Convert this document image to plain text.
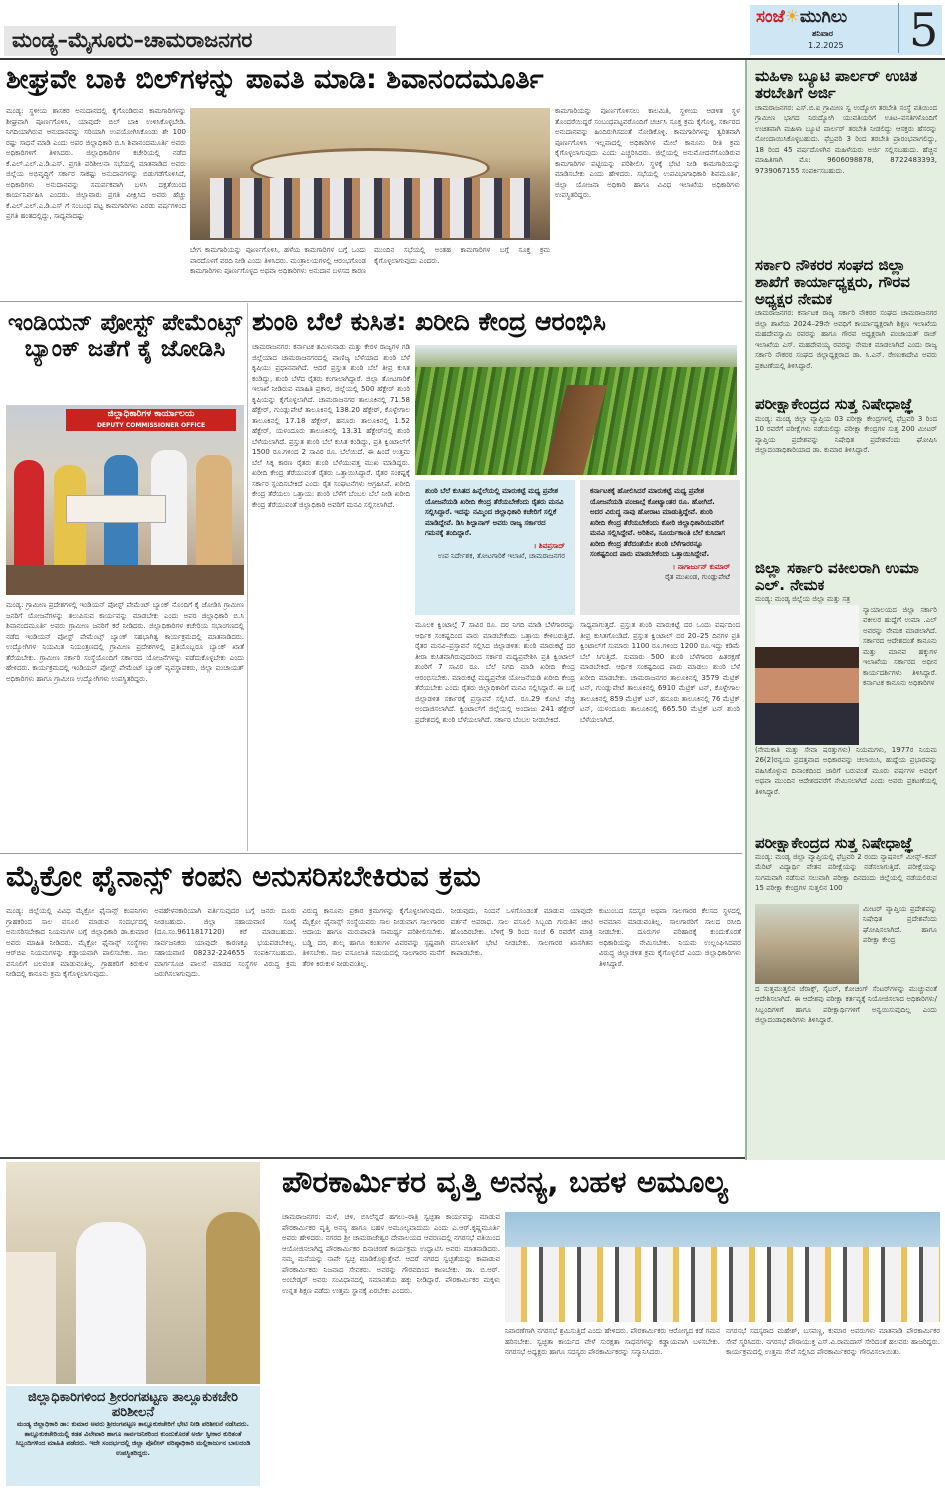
ಮಂಡ್ಯ–ಮೈಸೂರು–ಚಾಮರಾಜನಗರ
ಸಂಜೆ☀ಮುಗಿಲು
ಶನಿವಾರ
1.2.2025 5
ಶೀಘ್ರವೇ ಬಾಕಿ ಬಿಲ್‌ಗಳನ್ನು ಪಾವತಿ ಮಾಡಿ: ಶಿವಾನಂದಮೂರ್ತಿ
ಮಂಡ್ಯ: ಸ್ಥಳೀಯ ಶಾಸಕರ ಅನುದಾನದಲ್ಲಿ ಕೈಗೊಂಡಿರುವ ಕಾಮಗಾರಿಗಳನ್ನು ಶೀಘ್ರವಾಗಿ ಪೂರ್ಣಗೊಳಿಸಿ, ಯಾವುದೇ ಬಿಲ್ ಬಾಕಿ ಉಳಿಸಿಕೊಳ್ಳಬೇಡಿ. ನಿಗದಿಯಾಗಿರುವ ಅನುದಾನವನ್ನು ಸರಿಯಾಗಿ ಉಪಯೋಗಿಸಿಕೊಂಡು ಶೇ 100 ರಷ್ಟು ಸಾಧನೆ ಮಾಡಿ ಎಂದು ಅಪರ ಜಿಲ್ಲಾಧಿಕಾರಿ ಬಿ.ಸಿ ಶಿವಾನಂದಮೂರ್ತಿ ಅವರು ಅಧಿಕಾರಿಗಳಿಗೆ ತಿಳಿಸಿದರು. ಜಿಲ್ಲಾಧಿಕಾರಿಗಳ ಕಚೇರಿಯಲ್ಲಿ ನಡೆದ ಕೆ.ಎಲ್.ಎಲ್.ಎ.ಡಿ.ಎಸ್. ಪ್ರಗತಿ ಪರಿಶೀಲನಾ ಸಭೆಯಲ್ಲಿ ಮಾತನಾಡಿದ ಅವರು ಜಿಲ್ಲೆಯ ಅಭಿವೃದ್ಧಿಗೆ ಸರ್ಕಾರ ಸಾಕಷ್ಟು ಅನುದಾನಗಳನ್ನು ಬಿಡುಗಡೆಗೊಳಿಸಿದೆ, ಅಧಿಕಾರಿಗಳು ಅನುದಾನವನ್ನು ಸಮರ್ಪಕವಾಗಿ ಬಳಸಿ ದಕ್ಷತೆಯಿಂದ ಕಾರ್ಯನಿರ್ವಹಿಸಿ ಎಂದರು. ಜಿಲ್ಲಾವಾರು ಪ್ರಗತಿ ವೀಕ್ಷಿಸಿದ ಅವರು ಹೆಚ್ಚು ಕೆ.ಎಲ್.ಎಲ್.ಎ.ಡಿ.ಎಸ್ ಗೆ ಸಂಬಂಧ ಪಟ್ಟ ಕಾಮಗಾರಿಗಳು ಎರಡು ವರ್ಷಗಳಿಂದ ಪ್ರಗತಿ ಹಂತದಲ್ಲಿದ್ದು, ಸಾಧ್ಯವಾದಷ್ಟು
ಬೇಗ ಕಾಮಗಾರಿಯನ್ನು ಪೂರ್ಣಗೊಳಿಸಿ, ಹಳೆಯ ಕಾಮಗಾರಿಗಳ ಬಗ್ಗೆ ಒಂದು ವಾರದೊಳಗೆ ವರದಿ ನೀಡಿ ಎಂದು ತಿಳಿಸಿದರು. ಮಂತ್ರಾಲಯಗಳಲ್ಲಿ ಆರಂಭಗೊಂಡ ಕಾಮಗಾರಿಗಳು ಪೂರ್ಣಗೊಳ್ಳದ ಅಥವಾ ಅಧಿಕಾರಿಗಳು ಅನುದಾನ ಬಳಸದ ಕಾರಣ ಮುಂದಿನ ಸಭೆಯಲ್ಲಿ ಅಂತಹ ಕಾಮಗಾರಿಗಳ ಬಗ್ಗೆ ಸೂಕ್ತ ಕ್ರಮ ಕೈಗೊಳ್ಳಲಾಗುವುದು ಎಂದರು.
ಕಾಮಗಾರಿಯನ್ನು ಪೂರ್ಣಗೊಳಿಸಲು ಕಾಲಮಿತಿ, ಸ್ಥಳೀಯ ಆಡಳಿತ ಸ್ಥಳ ತೊಂದರೆಯಿದ್ದರೆ ಸಂಬಂಧಪಟ್ಟವರೊಂದಿಗೆ ಚರ್ಚಿಸಿ ಸೂಕ್ತ ಕ್ರಮ ಕೈಗೊಳ್ಳಿ, ಸರ್ಕಾರದ ಅನುದಾನವನ್ನು ಹಿಂದಿರುಗಿಸದಂತೆ ನೋಡಿಕೊಳ್ಳಿ. ಕಾಮಗಾರಿಗಳನ್ನು ತ್ವರಿತವಾಗಿ ಪೂರ್ಣಗೊಳಿಸಿ ಇಲ್ಲವಾದಲ್ಲಿ ಅಧಿಕಾರಿಗಳ ಮೇಲೆ ಕಾನೂನು ರೀತಿ ಕ್ರಮ ಕೈಗೊಳ್ಳಲಾಗುವುದು ಎಂದು ಎಚ್ಚರಿಸಿದರು. ಜಿಲ್ಲೆಯಲ್ಲಿ ಅನುಮೋದನೆಗೊಂಡಿರುವ ಕಾಮಗಾರಿಗಳ ಪಟ್ಟಿಯನ್ನು ಪರಿಶೀಲಿಸಿ ಸ್ಥಳಕ್ಕೆ ಭೇಟಿ ನೀಡಿ ಕಾಮಗಾರಿಯನ್ನು ಮಾಡಿಸಬೇಕು ಎಂದು ಹೇಳಿದರು. ಸಭೆಯಲ್ಲಿ ಉಪವಿಭಾಗಾಧಿಕಾರಿ ಶಿವಮೂರ್ತಿ, ಜಿಲ್ಲಾ ಯೋಜನಾ ಅಧಿಕಾರಿ ಹಾಗೂ ವಿವಿಧ ಇಲಾಖೆಯ ಅಧಿಕಾರಿಗಳು ಉಪಸ್ಥಿತರಿದ್ದರು.
ಇಂಡಿಯನ್ ಪೋಸ್ಟ್ ಪೇಮೆಂಟ್ಸ್ ಬ್ಯಾಂಕ್ ಜತೆಗೆ ಕೈ ಜೋಡಿಸಿ
ಜಿಲ್ಲಾಧಿಕಾರಿಗಳ ಕಾರ್ಯಾಲಯ
DEPUTY COMMISSIONER OFFICE
ಮಂಡ್ಯ: ಗ್ರಾಮೀಣ ಪ್ರದೇಶಗಳಲ್ಲಿ ಇಂಡಿಯನ್ ಪೋಸ್ಟ್ ಪೇಮೆಂಟ್ ಬ್ಯಾಂಕ್ ನೊಂದಿಗೆ ಕೈ ಜೋಡಿಸಿ ಗ್ರಾಮೀಣ ಜನರಿಗೆ ಯೋಜನೆಗಳನ್ನು ತಲುಪಿಸುವ ಕಾರ್ಯವನ್ನು ಮಾಡಬೇಕು ಎಂದು ಅಪರ ಜಿಲ್ಲಾಧಿಕಾರಿ ಬಿ.ಸಿ ಶಿವಾನಂದಮೂರ್ತಿ ಅವರು ಗ್ರಾಮೀಣ ಜನರಿಗೆ ಕರೆ ನೀಡಿದರು. ಜಿಲ್ಲಾಧಿಕಾರಿಗಳ ಕಚೇರಿಯ ಸಭಾಂಗಣದಲ್ಲಿ ನಡೆದ ಇಂಡಿಯನ್ ಪೋಸ್ಟ್ ಪೇಮೆಂಟ್ಸ್ ಬ್ಯಾಂಕ್ ಸಹಭಾಗಿತ್ವ ಕಾರ್ಯಕ್ರಮದಲ್ಲಿ ಮಾತನಾಡಿದರು. ಉದ್ಯೋಗಿಗಳ ನಿಯಮಿತ ನಿಯಂತ್ರಣದಲ್ಲಿ ಗ್ರಾಮೀಣ ಪ್ರದೇಶಗಳಲ್ಲಿ ಪ್ರತಿಯೊಬ್ಬರೂ ಬ್ಯಾಂಕ್ ಖಾತೆ ತೆರೆಯಬೇಕು. ಗ್ರಾಮೀಣ ಸರ್ಕಾರಿ ಸಂಸ್ಥೆಯೊಂದಿಗೆ ಸರ್ಕಾರದ ಯೋಜನೆಗಳನ್ನು ಪಡೆದುಕೊಳ್ಳಬೇಕು ಎಂದು ಹೇಳಿದರು. ಕಾರ್ಯಕ್ರಮದಲ್ಲಿ ಇಂಡಿಯನ್ ಪೋಸ್ಟ್ ಪೇಮೆಂಟ್ ಬ್ಯಾಂಕ್ ವ್ಯವಸ್ಥಾಪಕರು, ಜಿಲ್ಲಾ ಪಂಚಾಯತ್ ಅಧಿಕಾರಿಗಳು ಹಾಗೂ ಗ್ರಾಮೀಣ ಉದ್ಯೋಗಿಗಳು ಉಪಸ್ಥಿತರಿದ್ದರು.
ಶುಂಠಿ ಬೆಲೆ ಕುಸಿತ: ಖರೀದಿ ಕೇಂದ್ರ ಆರಂಭಿಸಿ
ಚಾಮರಾಜನಗರ: ಕರ್ನಾಟಕ ತಮಿಳುನಾಡು ಮತ್ತು ಕೇರಳ ರಾಜ್ಯಗಳ ಗಡಿ ಜಿಲ್ಲೆಯಾದ ಚಾಮರಾಜನಗರದಲ್ಲಿ ವಾಣಿಜ್ಯ ಬೆಳೆಯಾದ ಶುಂಠಿ ಬೆಳೆ ಕೃಷಿಯು ಪ್ರಧಾನವಾಗಿದೆ. ಆದರೆ ಪ್ರಸ್ತುತ ಶುಂಠಿ ಬೆಲೆ ತೀವ್ರ ಕುಸಿತ ಕಂಡಿದ್ದು, ಶುಂಠಿ ಬೆಳೆದ ರೈತರು ಕಂಗಾಲಾಗಿದ್ದಾರೆ. ಜಿಲ್ಲಾ ತೋಟಗಾರಿಕೆ ಇಲಾಖೆ ನೀಡಿರುವ ಮಾಹಿತಿ ಪ್ರಕಾರ, ಜಿಲ್ಲೆಯಲ್ಲಿ 500 ಹೆಕ್ಟೇರ್ ಶುಂಠಿ ಕೃಷಿಯನ್ನು ಕೈಗೊಳ್ಳಲಾಗಿದೆ. ಚಾಮರಾಜನಗರ ತಾಲೂಕಿನಲ್ಲಿ 71.58 ಹೆಕ್ಟೇರ್, ಗುಂಡ್ಲುಪೇಟೆ ತಾಲೂಕಿನಲ್ಲಿ 138.20 ಹೆಕ್ಟೇರ್, ಕೊಳ್ಳೇಗಾಲ ತಾಲೂಕಿನಲ್ಲಿ 17.18 ಹೆಕ್ಟೇರ್, ಹನೂರು ತಾಲೂಕಿನಲ್ಲಿ 1.52 ಹೆಕ್ಟೇರ್, ಯಳಂದೂರು ತಾಲೂಕಿನಲ್ಲಿ 13.31 ಹೆಕ್ಟೇರ್‌ನಲ್ಲಿ ಶುಂಠಿ ಬೆಳೆಯಲಾಗಿದೆ. ಪ್ರಸ್ತುತ ಶುಂಠಿ ಬೆಲೆ ಕುಸಿತ ಕಂಡಿದ್ದು, ಪ್ರತಿ ಕ್ವಿಂಟಾಲ್‌ಗೆ 1500 ರೂ.ಗಳಿಂದ 2 ಸಾವಿರ ರೂ. ಬೆಲೆಯಿದೆ. ಈ ಹಿಂದೆ ಉತ್ತಮ ಬೆಲೆ ಸಿಕ್ಕ ಕಾರಣ ರೈತರು ಶುಂಠಿ ಬೆಳೆಯುವತ್ತ ಮುಖ ಮಾಡಿದ್ದರು. ಖರೀದಿ ಕೇಂದ್ರ ತೆರೆಯುವಂತೆ ರೈತರು ಒತ್ತಾಯಿಸಿದ್ದಾರೆ. ರೈತರ ಸಂಕಷ್ಟಕ್ಕೆ ಸರ್ಕಾರ ಸ್ಪಂದಿಸಬೇಕಿದೆ ಎಂದು ರೈತ ಸಂಘಟನೆಗಳು ಆಗ್ರಹಿಸಿವೆ. ಖರೀದಿ ಕೇಂದ್ರ ತೆರೆಯಲು ಒತ್ತಾಯ: ಶುಂಠಿ ಬೆಳೆಗೆ ಬೆಂಬಲ ಬೆಲೆ ನೀಡಿ ಖರೀದಿ ಕೇಂದ್ರ ತೆರೆಯುವಂತೆ ಜಿಲ್ಲಾಧಿಕಾರಿ ಅವರಿಗೆ ಮನವಿ ಸಲ್ಲಿಸಲಾಗಿದೆ.
ಶುಂಠಿ ಬೆಲೆ ಕುಸಿತದ ಹಿನ್ನೆಲೆಯಲ್ಲಿ ಮಾರುಕಟ್ಟೆ ಮಧ್ಯ ಪ್ರವೇಶ ಯೋಜನೆಯಡಿ ಖರೀದಿ ಕೇಂದ್ರ ತೆರೆಯಬೇಕೆಂದು ರೈತರು ಮನವಿ ಸಲ್ಲಿಸಿದ್ದಾರೆ. ಇದನ್ನು ನಮ್ಮಿಂದ ಜಿಲ್ಲಾಧಿಕಾರಿ ಕಚೇರಿಗೆ ಸಲ್ಲಿಕೆ ಮಾಡಿದ್ದೇವೆ. ಡಿಸಿ ಶಿಲ್ಪಾನಾಗ್ ಅವರು ರಾಜ್ಯ ಸರ್ಕಾರದ ಗಮನಕ್ಕೆ ತಂದಿದ್ದಾರೆ.
। ಶಿವಪ್ರಸಾದ್
ಉಪ ನಿರ್ದೇಶಕ, ತೋಟಗಾರಿಕೆ ಇಲಾಖೆ, ಚಾಮರಾಜನಗರ
ಕರ್ನಾಟಕಕ್ಕೆ ಹೋಲಿಸಿದರೆ ಮಾರುಕಟ್ಟೆ ಮಧ್ಯ ಪ್ರವೇಶ ಯೋಜನೆಯಡಿ ಪಂಜಾಬ್ಗೆ ಕೋಟ್ಯಾಂತರ ರೂ. ಹೋಗಿದೆ. ಅದರ ವಿರುದ್ಧ ನಾವು ಹೋರಾಟ ಮಾಡುತ್ತಿದ್ದೇವೆ. ಶುಂಠಿ ಖರೀದಿ ಕೇಂದ್ರ ತೆರೆಯಬೇಕೆಂದು ಕೋರಿ ಜಿಲ್ಲಾಧಿಕಾರಿಯವರಿಗೆ ಮನವಿ ಸಲ್ಲಿಸಿದ್ದೇವೆ. ಅರಿಶಿನ, ಸೂರ್ಯಕಾಂತಿ ಬೆಲೆ ಕುಸಿದಾಗ ಖರೀದಿ ಕೇಂದ್ರ ತೆರೆದಂತೆಯೇ ಶುಂಠಿ ಬೆಳೆಗಾರರನ್ನೂ ಸಂಕಷ್ಟದಿಂದ ಪಾರು ಮಾಡಬೇಕೆಂದು ಒತ್ತಾಯಿಸಿದ್ದೇವೆ.
। ನಾಗಾರ್ಜುನ್ ಕುಮಾರ್
ರೈತ ಮುಖಂಡ, ಗುಂಡ್ಲುಪೇಟೆ
ಮೂಲಕ ಕ್ವಿಂಟಾಲ್ಗೆ 7 ಸಾವಿರ ರೂ. ದರ ನಿಗದಿ ಮಾಡಿ ಬೆಳೆಗಾರರನ್ನು ಆರ್ಥಿಕ ಸಂಕಷ್ಟದಿಂದ ಪಾರು ಮಾಡಬೇಕೆಂದು ಒತ್ತಾಯ ಕೇಳಿಬರುತ್ತಿದೆ. ರೈತರ ಮನವಿ–ಪ್ರಸ್ತಾವನೆ ಸಲ್ಲಿಸಿದ ಜಿಲ್ಲಾಡಳಿತ: ಶುಂಠಿ ಮಾರುಕಟ್ಟೆ ದರ ತೀರಾ ಕುಸಿತವಾಗಿರುವುದರಿಂದ ಸರ್ಕಾರ ಮಧ್ಯಪ್ರವೇಶಿಸಿ ಪ್ರತಿ ಕ್ವಿಂಟಾಲ್ ಶುಂಠಿಗೆ 7 ಸಾವಿರ ರೂ. ಬೆಲೆ ನಿಗದಿ ಮಾಡಿ ಖರೀದಿ ಕೇಂದ್ರ ಆರಂಭಿಸಬೇಕು. ಮಾರುಕಟ್ಟೆ ಮಧ್ಯಪ್ರವೇಶ ಯೋಜನೆಯಡಿ ಖರೀದಿ ಕೇಂದ್ರ ತೆರೆಯಬೇಕು ಎಂದು ರೈತರು ಜಿಲ್ಲಾಧಿಕಾರಿಗೆ ಮನವಿ ಸಲ್ಲಿಸಿದ್ದಾರೆ. ಈ ಬಗ್ಗೆ ಜಿಲ್ಲಾಡಳಿತ ಸರ್ಕಾರಕ್ಕೆ ಪ್ರಸ್ತಾವನೆ ಸಲ್ಲಿಸಿದೆ. ರೂ.29 ಕೋಟಿ ವೆಚ್ಚ ಅಂದಾಜಿಸಲಾಗಿದೆ. ಕ್ವಿಂಟಾಲ್‌ಗೆ ಜಿಲ್ಲೆಯಲ್ಲಿ ಅಂದಾಜು 241 ಹೆಕ್ಟೇರ್ ಪ್ರದೇಶದಲ್ಲಿ ಶುಂಠಿ ಬೆಳೆಯಲಾಗಿದೆ. ಸರ್ಕಾರ ಬೆಂಬಲ ನೀಡಬೇಕಿದೆ.
ಸಾಧ್ಯವಾಗುತ್ತದೆ. ಪ್ರಸ್ತುತ ಶುಂಠಿ ಮಾರುಕಟ್ಟೆ ದರ ಒಂದು ವರ್ಷದಿಂದ ತೀವ್ರ ಕುಸಿತಗೊಂಡಿದೆ. ಪ್ರಸ್ತುತ ಕ್ವಿಂಟಾಲ್ ದರ 20–25 ದಿನಗಳ ಪ್ರತಿ ಕ್ವಿಂಟಾಲ್‌ಗೆ ಸುಮಾರು 1100 ರೂ.ಗಳಿಂದ 1200 ರೂ.ಇದ್ದು ಕಡಿಮೆ ಬೆಲೆ ಸಿಗುತ್ತಿದೆ. ಸುಮಾರು 500 ಶುಂಠಿ ಬೆಳೆಗಾರರ ಹಿತರಕ್ಷಣೆ ಮಾಡಬೇಕಿದೆ. ಆರ್ಥಿಕ ಸಂಕಷ್ಟದಿಂದ ಪಾರು ಮಾಡಲು ಶುಂಠಿ ಬೆಳೆ ಖರೀದಿ ಮಾಡಬೇಕು. ಚಾಮರಾಜನಗರ ತಾಲೂಕಿನಲ್ಲಿ 3579 ಮೆಟ್ರಿಕ್ ಟನ್, ಗುಂಡ್ಲುಪೇಟೆ ತಾಲೂಕಿನಲ್ಲಿ 6910 ಮೆಟ್ರಿಕ್ ಟನ್, ಕೊಳ್ಳೇಗಾಲ ತಾಲೂಕಿನಲ್ಲಿ 859 ಮೆಟ್ರಿಕ್ ಟನ್, ಹನೂರು ತಾಲೂಕಿನಲ್ಲಿ 76 ಮೆಟ್ರಿಕ್ ಟನ್, ಯಳಂದೂರು ತಾಲೂಕಿನಲ್ಲಿ 665.50 ಮೆಟ್ರಿಕ್ ಟನ್ ಶುಂಠಿ ಬೆಳೆಯಲಾಗಿದೆ.
ಮೈಕ್ರೋ ಫೈನಾನ್ಸ್ ಕಂಪನಿ ಅನುಸರಿಸಬೇಕಿರುವ ಕ್ರಮ
ಮಂಡ್ಯ: ಜಿಲ್ಲೆಯಲ್ಲಿ ವಿವಿಧ ಮೈಕ್ರೋ ಫೈನಾನ್ಸ್ ಕಂಪನಿಗಳು ಗ್ರಾಹಕರಿಂದ ಸಾಲ ವಸೂಲಿ ಮಾಡುವ ಸಂದರ್ಭದಲ್ಲಿ ಅನುಸರಿಸಬೇಕಾದ ನಿಯಮಗಳ ಬಗ್ಗೆ ಜಿಲ್ಲಾಧಿಕಾರಿ ಡಾ.ಕುಮಾರ ಅವರು ಮಾಹಿತಿ ನೀಡಿದರು. ಮೈಕ್ರೋ ಫೈನಾನ್ಸ್ ಸಂಸ್ಥೆಗಳು ಆರ್‌ಬಿಐ ನಿಯಮಗಳನ್ನು ಕಡ್ಡಾಯವಾಗಿ ಪಾಲಿಸಬೇಕು. ಸಾಲ ವಸೂಲಿಗೆ ಬಲವಂತ ಮಾಡುವಂತಿಲ್ಲ. ಗ್ರಾಹಕರಿಗೆ ಕಿರುಕುಳ ನೀಡಿದಲ್ಲಿ ಕಾನೂನು ಕ್ರಮ ಕೈಗೊಳ್ಳಲಾಗುವುದು.
ಅವಹೇಳನಕಾರಿಯಾಗಿ ವರ್ತಿಸುವುದರ ಬಗ್ಗೆ ಜನರು ದೂರು ನೀಡಬಹುದು. ಜಿಲ್ಲಾ ಸಹಾಯವಾಣಿ ಸಂಖ್ಯೆ (ದೂ.ಸಂ.9611817120) ಕರೆ ಮಾಡಬಹುದು. ಸಾರ್ವಜನಿಕರು ಯಾವುದೇ ಕಾರಣಕ್ಕೂ ಭಯಪಡಬೇಕಿಲ್ಲ. ಸಹಾಯವಾಣಿ 08232-224655 ಸಂಪರ್ಕಿಸಬಹುದು. ಮಾರ್ಗಸೂಚಿ ಪಾಲನೆ ಮಾಡದ ಸಂಸ್ಥೆಗಳ ವಿರುದ್ಧ ಕ್ರಮ ಜರುಗಿಸಲಾಗುವುದು.
ವಿರುದ್ಧ ಕಾನೂನು ಪ್ರಕಾರ ಕ್ರಮಗಳನ್ನು ಕೈಗೊಳ್ಳಲಾಗುವುದು. ಮೈಕ್ರೋ ಫೈನಾನ್ಸ್ ಸಂಸ್ಥೆಯವರು ಸಾಲ ನೀಡುವಾಗ ಸಾಲಗಾರರ ಆದಾಯ ಹಾಗೂ ಮರುಪಾವತಿ ಸಾಮರ್ಥ್ಯ ಪರಿಶೀಲಿಸಬೇಕು. ಬಡ್ಡಿ ದರ, ಶುಲ್ಕ ಹಾಗೂ ಕಂತುಗಳ ವಿವರವನ್ನು ಸ್ಪಷ್ಟವಾಗಿ ತಿಳಿಸಬೇಕು. ಸಾಲ ವಸೂಲಾತಿ ಸಮಯದಲ್ಲಿ ಸಾಲಗಾರರ ಮನೆಗೆ ತೆರಳಿ ಕಿರುಕುಳ ನೀಡುವಂತಿಲ್ಲ.
ನೀಡುವುದು, ನಿಂದನೆ ಒಳಗೊಂಡಂತೆ ಮಾಡುವ ಯಾವುದೇ ವರ್ತನೆ ಅಪರಾಧ. ಸಾಲ ವಸೂಲಿ ಸಿಬ್ಬಂದಿ ಗುರುತಿನ ಚೀಟಿ ಹೊಂದಿರಬೇಕು. ಬೆಳಿಗ್ಗೆ 9 ರಿಂದ ಸಂಜೆ 6 ರವರೆಗೆ ಮಾತ್ರ ವಸೂಲಾತಿಗೆ ಭೇಟಿ ನೀಡಬೇಕು. ಸಾಲಗಾರರ ಖಾಸಗಿತನ ಕಾಪಾಡಬೇಕು.
ಕುಟುಂಬದ ಸದಸ್ಯರ ಅಥವಾ ಸಾಲಗಾರರ ಕೆಲಸದ ಸ್ಥಳದಲ್ಲಿ ಅವಮಾನ ಮಾಡುವಂತಿಲ್ಲ. ಸಾಲಗಾರರಿಗೆ ಸಾಲದ ರಸೀದಿ ನೀಡಬೇಕು. ದೂರುಗಳ ಪರಿಹಾರಕ್ಕೆ ಕುಂದುಕೊರತೆ ಅಧಿಕಾರಿಯನ್ನು ನೇಮಿಸಬೇಕು. ನಿಯಮ ಉಲ್ಲಂಘಿಸಿದವರ ವಿರುದ್ಧ ಜಿಲ್ಲಾಡಳಿತ ಕ್ರಮ ಕೈಗೊಳ್ಳಲಿದೆ ಎಂದು ಜಿಲ್ಲಾಧಿಕಾರಿಗಳು ತಿಳಿಸಿದ್ದಾರೆ.
ಮಹಿಳಾ ಬ್ಯೂಟಿ ಪಾರ್ಲರ್ ಉಚಿತ ತರಬೇತಿಗೆ ಅರ್ಜಿ
ಚಾಮರಾಜನಗರ: ಎಸ್.ಬಿ.ಐ ಗ್ರಾಮೀಣ ಸ್ವ ಉದ್ಯೋಗ ತರಬೇತಿ ಸಂಸ್ಥೆ ವತಿಯಿಂದ ಗ್ರಾಮೀಣ ಭಾಗದ ನಿರುದ್ಯೋಗಿ ಯುವತಿಯರಿಗೆ ಊಟ–ವಸತಿಗಳೊಂದಿಗೆ ಉಚಿತವಾಗಿ ಮಹಿಳಾ ಬ್ಯೂಟಿ ಪಾರ್ಲರ್ ತರಬೇತಿ ನೀಡಲಿದ್ದು ಆಸಕ್ತರು ಹೆಸರನ್ನು ನೋಂದಾಯಿಸಿಕೊಳ್ಳಬಹುದು. ಫೆಬ್ರವರಿ 3 ರಿಂದ ತರಬೇತಿ ಪ್ರಾರಂಭವಾಗಲಿದ್ದು, 18 ರಿಂದ 45 ವರ್ಷದೊಳಗಿನ ಮಹಿಳೆಯರು ಅರ್ಜಿ ಸಲ್ಲಿಸಬಹುದು. ಹೆಚ್ಚಿನ ಮಾಹಿತಿಗಾಗಿ ಮೊ: 9606098878, 8722483393, 9739067155 ಸಂಪರ್ಕಿಸಬಹುದು.
ಸರ್ಕಾರಿ ನೌಕರರ ಸಂಘದ ಜಿಲ್ಲಾ ಶಾಖೆಗೆ ಕಾರ್ಯಾಧ್ಯಕ್ಷರು, ಗೌರವ ಅಧ್ಯಕ್ಷರ ನೇಮಕ
ಚಾಮರಾಜನಗರ: ಕರ್ನಾಟಕ ರಾಜ್ಯ ಸರ್ಕಾರಿ ನೌಕರರ ಸಂಘದ ಚಾಮರಾಜನಗರ ಜಿಲ್ಲಾ ಶಾಖೆಯ 2024–29ನೇ ಅವಧಿಗೆ ಕಾರ್ಯಾಧ್ಯಕ್ಷರಾಗಿ ಶಿಕ್ಷಣ ಇಲಾಖೆಯ ಮಹದೇವಸ್ವಾಮಿ ರವರನ್ನು ಹಾಗೂ ಗೌರವ ಅಧ್ಯಕ್ಷರಾಗಿ ಪಂಚಾಯತ್ ರಾಜ್ ಇಲಾಖೆಯ ಎಸ್. ಮಹದೇವಯ್ಯ ರವರನ್ನು ನೇಮಕ ಮಾಡಲಾಗಿದೆ ಎಂದು ರಾಜ್ಯ ಸರ್ಕಾರಿ ನೌಕರರ ಸಂಘದ ಜಿಲ್ಲಾಧ್ಯಕ್ಷರಾದ ಡಾ. ಸಿ.ಎನ್. ರೇಣುಕಾದೇವಿ ಅವರು ಪ್ರಕಟಣೆಯಲ್ಲಿ ತಿಳಿಸಿದ್ದಾರೆ.
ಪರೀಕ್ಷಾಕೇಂದ್ರದ ಸುತ್ತ ನಿಷೇಧಾಜ್ಞೆ
ಮಂಡ್ಯ: ಮಂಡ್ಯ ಜಿಲ್ಲಾ ವ್ಯಾಪ್ತಿಯ 03 ಪರೀಕ್ಷಾ ಕೇಂದ್ರಗಳಲ್ಲಿ ಫೆಬ್ರವರಿ 3 ರಿಂದ 10 ರವರೆಗೆ ಪರೀಕ್ಷೆಗಳು ನಡೆಯಲಿದ್ದು ಪರೀಕ್ಷಾ ಕೇಂದ್ರಗಳ ಸುತ್ತ 200 ಮೀಟರ್ ವ್ಯಾಪ್ತಿಯ ಪ್ರದೇಶವನ್ನು ನಿಷೇಧಿತ ಪ್ರದೇಶವೆಂದು ಘೋಷಿಸಿ ಜಿಲ್ಲಾದಂಡಾಧಿಕಾರಿಯಾದ ಡಾ. ಕುಮಾರ ತಿಳಿಸಿದ್ದಾರೆ.
ಜಿಲ್ಲಾ ಸರ್ಕಾರಿ ವಕೀಲರಾಗಿ ಉಮಾ ಎಲ್. ನೇಮಕ
ಮಂಡ್ಯ: ಮಂಡ್ಯ ಜಿಲ್ಲೆಯ ಜಿಲ್ಲಾ ಮತ್ತು ಸತ್ರ
ನ್ಯಾಯಾಲಯದ ಜಿಲ್ಲಾ ಸರ್ಕಾರಿ ವಕೀಲರ ಹುದ್ದೆಗೆ ಉಮಾ .ಎಲ್ ಅವರನ್ನು ನೇಮಕ ಮಾಡಲಾಗಿದೆ. ಸರ್ಕಾರದ ಆದೇಶದಂತೆ ಕಾನೂನು ಮತ್ತು ಮಾನವ ಹಕ್ಕುಗಳ ಇಲಾಖೆಯ ಸರ್ಕಾರದ ಅಧೀನ ಕಾರ್ಯದರ್ಶಿಗಳು ತಿಳಿಸಿದ್ದಾರೆ. ಕರ್ನಾಟಕ ಕಾನೂನು ಅಧಿಕಾರಿಗಳ
(ನೇಮಕಾತಿ ಮತ್ತು ಸೇವಾ ಷರತ್ತುಗಳು) ನಿಯಮಗಳು, 1977ರ ನಿಯಮ 26(2)ರನ್ವಯ ಪ್ರದತ್ತವಾದ ಅಧಿಕಾರವನ್ನು ಚಲಾಯಿಸಿ, ಹುದ್ದೆಯ ಪ್ರಭಾರವನ್ನು ವಹಿಸಿಕೊಳ್ಳುವ ದಿನಾಂಕದಿಂದ ಜಾರಿಗೆ ಬರುವಂತೆ ಮೂರು ವರ್ಷಗಳ ಅವಧಿಗೆ ಅಥವಾ ಮುಂದಿನ ಆದೇಶದವರೆಗೆ ನೇಮಿಸಲಾಗಿದೆ ಎಂದು ಅವರು ಪ್ರಕಟಣೆಯಲ್ಲಿ ತಿಳಿಸಿದ್ದಾರೆ.
ಪರೀಕ್ಷಾಕೇಂದ್ರದ ಸುತ್ತ ನಿಷೇಧಾಜ್ಞೆ
ಮಂಡ್ಯ: ಮಂಡ್ಯ ಜಿಲ್ಲಾ ವ್ಯಾಪ್ತಿಯಲ್ಲಿ ಫೆಬ್ರವರಿ 2 ರಂದು ನ್ಯಾಷನಲ್ ಮೀನ್ಸ್–ಕಮ್ ಮೆರಿಟ್ ವಿದ್ಯಾರ್ಥಿ ವೇತನ ಪರೀಕ್ಷೆಯನ್ನು ನಡೆಸಲಾಗುತ್ತಿದೆ. ಪರೀಕ್ಷೆಯನ್ನು ಸುಗಮವಾಗಿ ನಡೆಸುವ ಸಲುವಾಗಿ ಪರೀಕ್ಷಾ ದಿನದಂದು ಜಿಲ್ಲೆಯಲ್ಲಿ ನಡೆಯಲಿರುವ 15 ಪರೀಕ್ಷಾ ಕೇಂದ್ರಗಳ ಸುತ್ತಲಿನ 100
ಮೀಟರ್ ವ್ಯಾಪ್ತಿಯ ಪ್ರದೇಶವನ್ನು ನಿಷೇಧಿತ ಪ್ರದೇಶವೆಂದು ಘೋಷಿಸಲಾಗಿದೆ. ಹಾಗೂ ಪರೀಕ್ಷಾ ಕೇಂದ್ರ
ದ ಸುತ್ತಮುತ್ತಲಿನ ಜೆರಾಕ್ಸ್, ಸೈಬರ್, ಕೋಚಿಂಗ್ ಸೆಂಟರ್‌ಗಳನ್ನು ಮುಚ್ಚುವಂತೆ ಆದೇಶಿಸಲಾಗಿದೆ. ಈ ಆದೇಶವು ಪರೀಕ್ಷಾ ಕರ್ತವ್ಯಕ್ಕೆ ನಿಯೋಜಿಸಲಾದ ಅಧಿಕಾರಿಗಳು/ಸಿಬ್ಬಂದಿಗಳಿಗೆ ಹಾಗೂ ಪರೀಕ್ಷಾರ್ಥಿಗಳಿಗೆ ಅನ್ವಯಿಸುವುದಿಲ್ಲ ಎಂದು ಜಿಲ್ಲಾದಂಡಾಧಿಕಾರಿಗಳು ತಿಳಿಸಿದ್ದಾರೆ.
ಜಿಲ್ಲಾಧಿಕಾರಿಗಳಿಂದ ಶ್ರೀರಂಗಪಟ್ಟಣ ತಾಲ್ಲೂಕುಕಚೇರಿ ಪರಿಶೀಲನೆ
ಮಂಡ್ಯ ಜಿಲ್ಲಾಧಿಕಾರಿ ಡಾ: ಕುಮಾರ ಅವರು ಶ್ರೀರಂಗಪಟ್ಟಣ ತಾಲ್ಲೂಕುಕಚೇರಿಗೆ ಭೇಟಿ ನೀಡಿ ಪರಿಶೀಲನೆ ನಡೆಸಿದರು. ತಾಲ್ಲೂಕುಕಚೇರಿಯಲ್ಲಿ ಕಡತ ವಿಲೇವಾರಿ ಹಾಗೂ ಸಾರ್ವಜನಿಕರಿಂದ ಕುಂದುಕೊರತೆ ಅರ್ಜಿ ಸ್ವೀಕಾರ ಕುರಿತಂತೆ ಸಿಬ್ಬಂದಿಗಳಿಂದ ಮಾಹಿತಿ ಪಡೆದರು. ಇದೇ ಸಂದರ್ಭದಲ್ಲಿ ಜಿಲ್ಲಾ ಪೊಲೀಸ್ ವರಿಷ್ಠಾಧಿಕಾರಿ ಮಲ್ಲಿಕಾರ್ಜುನ ಬಾಲದಂಡಿ ಉಪಸ್ಥಿತರಿದ್ದರು.
ಪೌರಕಾರ್ಮಿಕರ ವೃತ್ತಿ ಅನನ್ಯ, ಬಹಳ ಅಮೂಲ್ಯ
ಚಾಮರಾಜನಗರ: ಮಳೆ, ಚಳಿ, ಬಿಸಿಲೆನ್ನದೆ ಹಗಲು–ರಾತ್ರಿ ಸ್ವಚ್ಛತಾ ಕಾರ್ಯವನ್ನು ಮಾಡುವ ಪೌರಕಾರ್ಮಿಕರ ವೃತ್ತಿ ಅನನ್ಯ ಹಾಗೂ ಬಹಳ ಅಮೂಲ್ಯವಾದುದು ಎಂದು ಎ.ಆರ್.ಕೃಷ್ಣಮೂರ್ತಿ ಅವರು ಹೇಳಿದರು. ನಗರದ ಶ್ರೀ ಚಾಮರಾಜೇಶ್ವರ ದೇವಾಲಯದ ಆವರಣದಲ್ಲಿ ನಗರಸಭೆ ವತಿಯಿಂದ ಆಯೋಜಿಸಲಾಗಿದ್ದ ಪೌರಕಾರ್ಮಿಕರ ದಿನಾಚರಣೆ ಕಾರ್ಯಕ್ರಮ ಉದ್ಘಾಟಿಸಿ ಅವರು ಮಾತನಾಡಿದರು. ನಮ್ಮ ಮನೆಯನ್ನು ನಾವೇ ಸ್ವಚ್ಛ ಮಾಡಿಕೊಳ್ಳುತ್ತೇವೆ. ಆದರೆ ನಗರದ ಸ್ವಚ್ಛತೆಯನ್ನು ಕಾಪಾಡುವ ಪೌರಕಾರ್ಮಿಕರು ನಿಜವಾದ ಸೇವಕರು. ಅವರನ್ನು ಗೌರವದಿಂದ ಕಾಣಬೇಕು. ಡಾ. ಬಿ.ಆರ್. ಅಂಬೇಡ್ಕರ್ ಅವರು ಸಂವಿಧಾನದಲ್ಲಿ ಸಮಾನತೆಯ ಹಕ್ಕು ನೀಡಿದ್ದಾರೆ. ಪೌರಕಾರ್ಮಿಕರ ಮಕ್ಕಳು ಉನ್ನತ ಶಿಕ್ಷಣ ಪಡೆದು ಉತ್ತಮ ಸ್ಥಾನಕ್ಕೆ ಏರಬೇಕು ಎಂದರು.
ನಿವಾರಣೆಗಾಗಿ ನಗರಸಭೆ ಶ್ರಮಿಸುತ್ತಿದೆ ಎಂದು ಹೇಳಿದರು. ಪೌರಕಾರ್ಮಿಕರು ಆರೋಗ್ಯದ ಕಡೆ ಗಮನ ಹರಿಸಬೇಕು. ಸ್ವಚ್ಛತಾ ಕಾರ್ಯದ ವೇಳೆ ಸುರಕ್ಷತಾ ಸಾಧನಗಳನ್ನು ಕಡ್ಡಾಯವಾಗಿ ಬಳಸಬೇಕು. ನಗರಸಭೆ ಅಧ್ಯಕ್ಷರು ಹಾಗೂ ಸದಸ್ಯರು ಪೌರಕಾರ್ಮಿಕರನ್ನು ಸನ್ಮಾನಿಸಿದರು.
ನಗರಸಭೆ ಸದಸ್ಯರಾದ ಮಹೇಶ್, ಬಸವಣ್ಣ, ಕುಮಾರ ಅವರುಗಳು ಮಾತನಾಡಿ ಪೌರಕಾರ್ಮಿಕರ ಸೇವೆ ಸ್ಮರಿಸಿದರು. ನಗರಸಭೆ ಪೌರಾಯುಕ್ತ ಎಸ್.ವಿ.ರಾಮದಾಸ್ ಸೇರಿದಂತೆ ಹಲವರು ಹಾಜರಿದ್ದರು. ಕಾರ್ಯಕ್ರಮದಲ್ಲಿ ಉತ್ತಮ ಸೇವೆ ಸಲ್ಲಿಸಿದ ಪೌರಕಾರ್ಮಿಕರನ್ನು ಗೌರವಿಸಲಾಯಿತು.
